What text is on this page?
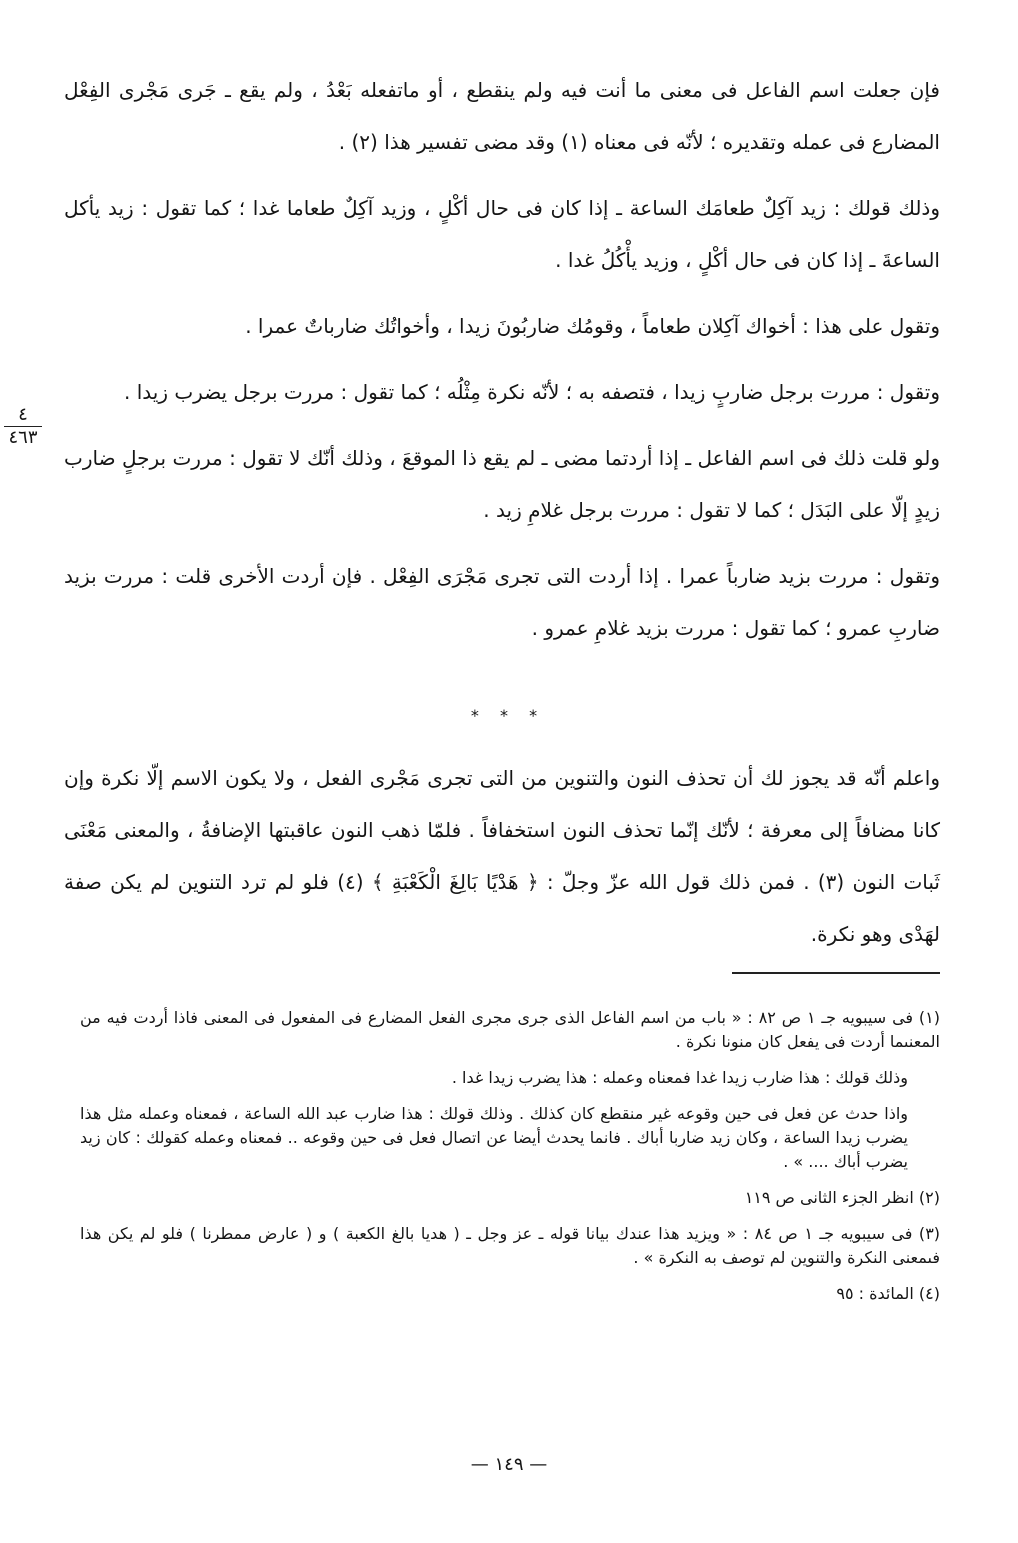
٤
٤٦٣

فإن جعلت اسم الفاعل فى معنى ما أنت فيه ولم ينقطع ، أو ماتفعله بَعْدُ ، ولم يقع ـ جَرى مَجْرى الفِعْل المضارع فى عمله وتقديره ؛ لأنّه فى معناه (١) وقد مضى تفسير هذا (٢) .

وذلك قولك : زيد آكِلٌ طعامَك الساعة ـ إذا كان فى حال أكْلٍ ، وزيد آكِلٌ طعاما غدا ؛ كما تقول : زيد يأكل الساعةَ ـ إذا كان فى حال أكْلٍ ، وزيد يأْكُلُ غدا .

وتقول على هذا : أخواك آكِلان طعاماً ، وقومُك ضاربُونَ زيدا ، وأخواتُك ضارباتٌ عمرا .

وتقول : مررت برجل ضاربٍ زيدا ، فتصفه به ؛ لأنّه نكرة مِثْلُه ؛ كما تقول : مررت برجل يضرب زيدا .

ولو قلت ذلك فى اسم الفاعل ـ إذا أردتما مضى ـ لم يقع ذا الموقعَ ، وذلك أنّك لا تقول : مررت برجلٍ ضارب زيدٍ إلّا على البَدَل ؛ كما لا تقول : مررت برجل غلامِ زيد .

وتقول : مررت بزيد ضارباً عمرا . إذا أردت التى تجرى مَجْرَى الفِعْل . فإن أردت الأخرى قلت : مررت بزيد ضاربِ عمرو ؛ كما تقول : مررت بزيد غلامِ عمرو .

* * *

واعلم أنّه قد يجوز لك أن تحذف النون والتنوين من التى تجرى مَجْرى الفعل ، ولا يكون الاسم إلّا نكرة وإن كانا مضافاً إلى معرفة ؛ لأنّك إنّما تحذف النون استخفافاً . فلمّا ذهب النون عاقبتها الإضافةُ ، والمعنى مَعْنَى ثَبات النون (٣) . فمن ذلك قول الله عزّ وجلّ : ﴿ هَدْيًا بَالِغَ الْكَعْبَةِ ﴾ (٤) فلو لم ترد التنوين لم يكن صفة لهَدْى وهو نكرة.

(١) فى سيبويه جـ ١ ص ٨٢ : « باب من اسم الفاعل الذى جرى مجرى الفعل المضارع فى المفعول فى المعنى فاذا أردت فيه من المعنىما أردت فى يفعل كان منونا نكرة .

وذلك قولك : هذا ضارب زيدا غدا فمعناه وعمله : هذا يضرب زيدا غدا .

واذا حدث عن فعل فى حين وقوعه غير منقطع كان كذلك . وذلك قولك : هذا ضارب عبد الله الساعة ، فمعناه وعمله مثل هذا يضرب زيدا الساعة ، وكان زيد ضاربا أباك . فانما يحدث أيضا عن اتصال فعل فى حين وقوعه .. فمعناه وعمله كقولك : كان زيد يضرب أباك .... » .

(٢) انظر الجزء الثانى ص ١١٩

(٣) فى سيبويه جـ ١ ص ٨٤ : « ويزيد هذا عندك بيانا قوله ـ عز وجل ـ ( هديا بالغ الكعبة ) و ( عارض ممطرنا ) فلو لم يكن هذا فىمعنى النكرة والتنوين لم توصف به النكرة » .

(٤) المائدة : ٩٥

— ١٤٩ —
